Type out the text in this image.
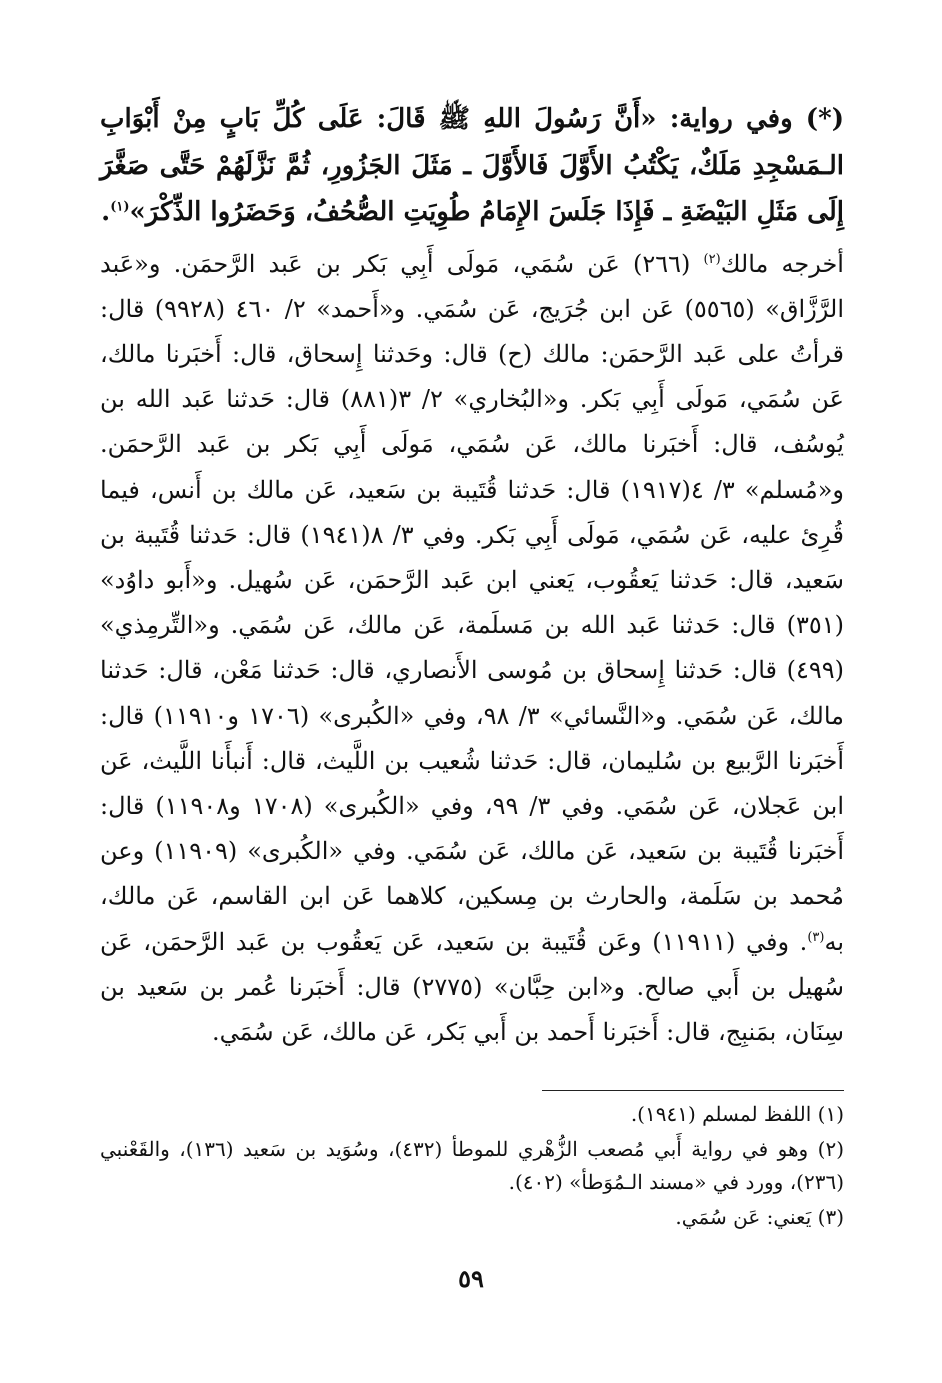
(*) وفي رواية: «أَنَّ رَسُولَ اللهِ ﷺ قَالَ: عَلَى كُلِّ بَابٍ مِنْ أَبْوَابِ الـمَسْجِدِ مَلَكٌ، يَكْتُبُ الأَوَّلَ فَالأَوَّلَ ـ مَثَلَ الجَزُورِ، ثُمَّ نَزَّلَهُمْ حَتَّى صَغَّرَ إِلَى مَثَلِ البَيْضَةِ ـ فَإِذَا جَلَسَ الإِمَامُ طُوِيَتِ الصُّحُفُ، وَحَضَرُوا الذِّكْرَ»$^{(١)}$.

أخرجه مالك$^{(٢)}$ (٢٦٦) عَن سُمَي، مَولَى أَبِي بَكر بن عَبد الرَّحمَن. و«عَبد الرَّزَّاق» (٥٥٦٥) عَن ابن جُرَيج، عَن سُمَي. و«أَحمد» ٢/ ٤٦٠ (٩٩٢٨) قال: قرأتُ على عَبد الرَّحمَن: مالك (ح) قال: وحَدثنا إِسحاق، قال: أَخبَرنا مالك، عَن سُمَي، مَولَى أَبِي بَكر. و«البُخاري» ٢/ ٣(٨٨١) قال: حَدثنا عَبد الله بن يُوسُف، قال: أَخبَرنا مالك، عَن سُمَي، مَولَى أَبِي بَكر بن عَبد الرَّحمَن. و«مُسلم» ٣/ ٤(١٩١٧) قال: حَدثنا قُتَيبة بن سَعيد، عَن مالك بن أَنس، فيما قُرِئ عليه، عَن سُمَي، مَولَى أَبِي بَكر. وفي ٣/ ٨(١٩٤١) قال: حَدثنا قُتَيبة بن سَعيد، قال: حَدثنا يَعقُوب، يَعني ابن عَبد الرَّحمَن، عَن سُهيل. و«أَبو داوُد» (٣٥١) قال: حَدثنا عَبد الله بن مَسلَمة، عَن مالك، عَن سُمَي. و«التِّرمِذي» (٤٩٩) قال: حَدثنا إِسحاق بن مُوسى الأَنصاري، قال: حَدثنا مَعْن، قال: حَدثنا مالك، عَن سُمَي. و«النَّسائي» ٣/ ٩٨، وفي «الكُبرى» (١٧٠٦ و١١٩١٠) قال: أَخبَرنا الرَّبيع بن سُليمان، قال: حَدثنا شُعيب بن اللَّيث، قال: أَنبأَنا اللَّيث، عَن ابن عَجلان، عَن سُمَي. وفي ٣/ ٩٩، وفي «الكُبرى» (١٧٠٨ و١١٩٠٨) قال: أَخبَرنا قُتَيبة بن سَعيد، عَن مالك، عَن سُمَي. وفي «الكُبرى» (١١٩٠٩) وعن مُحمد بن سَلَمة، والحارث بن مِسكين، كلاهما عَن ابن القاسم، عَن مالك، به$^{(٣)}$. وفي (١١٩١١) وعَن قُتَيبة بن سَعيد، عَن يَعقُوب بن عَبد الرَّحمَن، عَن سُهيل بن أَبي صالح. و«ابن حِبَّان» (٢٧٧٥) قال: أَخبَرنا عُمر بن سَعيد بن سِنَان، بمَنبِج، قال: أَخبَرنا أَحمد بن أَبي بَكر، عَن مالك، عَن سُمَي.

(١) اللفظ لمسلم (١٩٤١).

(٢) وهو في رواية أَبي مُصعب الزُّهْري للموطأ (٤٣٢)، وسُوَيد بن سَعيد (١٣٦)، والقَعْنبي (٢٣٦)، وورد في «مسند الـمُوَطأ» (٤٠٢).

(٣) يَعني: عَن سُمَي.

٥٩
